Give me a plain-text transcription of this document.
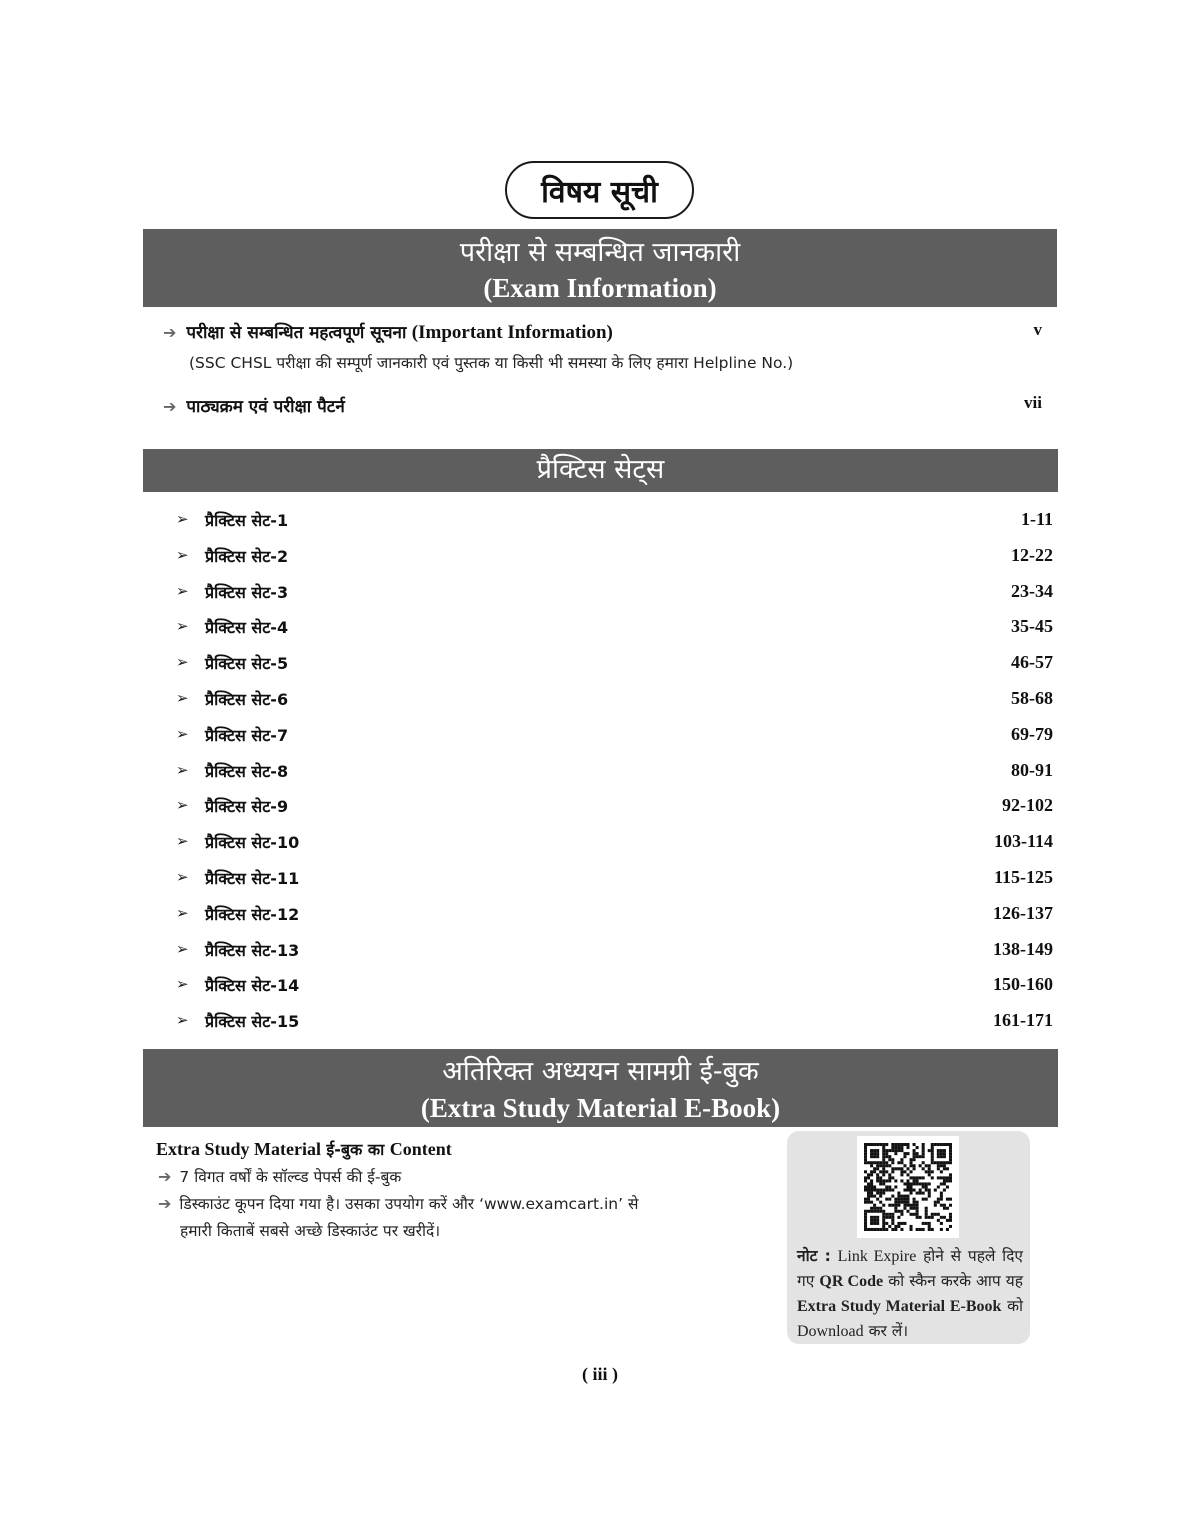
विषय सूची
परीक्षा से सम्बन्धित जानकारी
(Exam Information)
➔ परीक्षा से सम्बन्धित महत्वपूर्ण सूचना (Important Information)	v
(SSC CHSL परीक्षा की सम्पूर्ण जानकारी एवं पुस्तक या किसी भी समस्या के लिए हमारा Helpline No.)
➔ पाठ्यक्रम एवं परीक्षा पैटर्न	vii
प्रैक्टिस सेट्स
➢ प्रैक्टिस सेट-1	1-11
➢ प्रैक्टिस सेट-2	12-22
➢ प्रैक्टिस सेट-3	23-34
➢ प्रैक्टिस सेट-4	35-45
➢ प्रैक्टिस सेट-5	46-57
➢ प्रैक्टिस सेट-6	58-68
➢ प्रैक्टिस सेट-7	69-79
➢ प्रैक्टिस सेट-8	80-91
➢ प्रैक्टिस सेट-9	92-102
➢ प्रैक्टिस सेट-10	103-114
➢ प्रैक्टिस सेट-11	115-125
➢ प्रैक्टिस सेट-12	126-137
➢ प्रैक्टिस सेट-13	138-149
➢ प्रैक्टिस सेट-14	150-160
➢ प्रैक्टिस सेट-15	161-171
अतिरिक्त अध्ययन सामग्री ई-बुक
(Extra Study Material E-Book)
Extra Study Material ई-बुक का Content
➔ 7 विगत वर्षों के सॉल्व्ड पेपर्स की ई-बुक
➔ डिस्काउंट कूपन दिया गया है। उसका उपयोग करें और ‘www.examcart.in’ से
हमारी किताबें सबसे अच्छे डिस्काउंट पर खरीदें।
नोट : Link Expire होने से पहले दिए गए QR Code को स्कैन करके आप यह Extra Study Material E-Book को Download कर लें।
( iii )
